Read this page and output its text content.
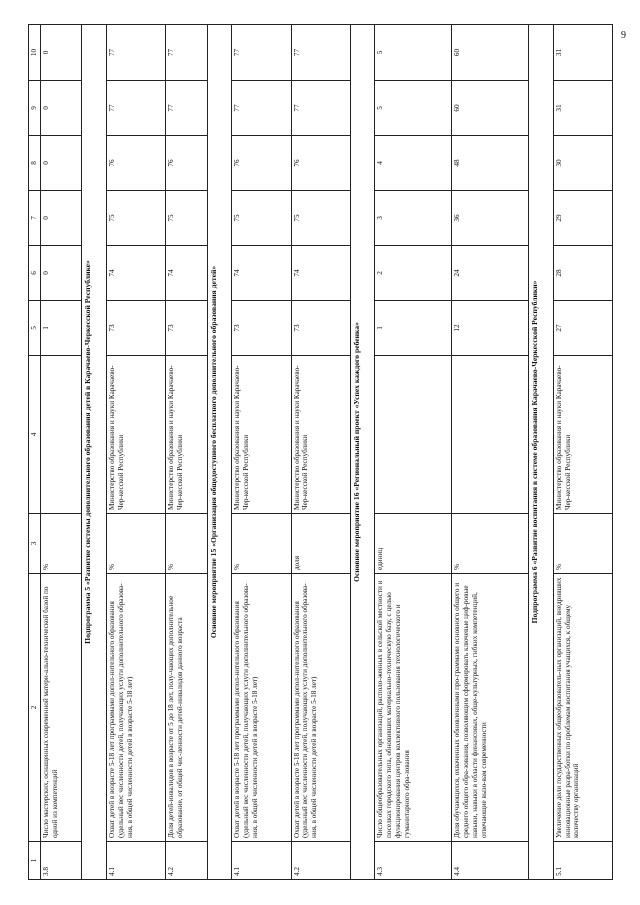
9
1	2	3	4	5	6	7	8	9	10
3.8	Число мастерских, оснащенных современной матери-ально-технической базой по одной из компетенций	%		1	0	0	0	0	0
Подпрограмма 5 «Развитие системы дополнительного образования детей в Карачаево-Черкесской Республике»									
4.1	Охват детей в возрасте 5-18 лет программами допол-нительного образования (удельный вес численности детей, получающих услуги дополнительного образова-ния, в общей численности детей в возрасте 5-18 лет)	%	Министерство образования и науки Карачаево- Чер-кесской Республики	73	74	75	76	77	77
4.2	Доля детей-инвалидов в возрасте от 5 до 18 лет, полу-чающих дополнительное образование, от общей чис-ленности детей-инвалидов данного возраста	%	Министерство образования и науки Карачаево- Чер-кесской Республики	73	74	75	76	77	77
Основное мероприятие 15 «Организация общедоступного бесплатного дополнительного образования детей»									
4.1	Охват детей в возрасте 5-18 лет программами допол-нительного образования (удельный вес численности детей, получающих услуги дополнительного образова-ния, в общей численности детей в возрасте 5-18 лет)	%	Министерство образования и науки Карачаево- Чер-кесской Республики	73	74	75	76	77	77
4.2	Охват детей в возрасте 5-18 лет программами допол-нительного образования (удельный вес численности детей, получающих услуги дополнительного образова-ния, в общей численности детей в возрасте 5-18 лет)	доля	Министерство образования и науки Карачаево- Чер-кесской Республики	73	74	75	76	77	77
Основное мероприятие 16 «Региональный проект «Успех каждого ребенка»									
4.3	Число общеобразовательных организаций, располо-женных в сельской местности и поселках городского типа, обновивших материально-техническую базу, с целью функционирования центров коллективного пользования технологического и гуманитарного обра-зования	единиц		1	2	3	4	5	5
4.4	Доля обучающихся, охваченных обновленными про-граммами основного общего и среднего общего обра-зования, позволяющим сформировать ключевые циф-ровые навыки, навыки в области финансовых, обще-культурных, гибких компетенций, отвечающие вызо-вам современности	%		12	24	36	48	60	60
Подпрограмма 6 «Развитие воспитания в системе образования Карачаево-Черкесской Республики»									
5.1	Увеличение доли государственных общеобразователь-ных организаций, внедривших инновационные разра-ботки по проблемам воспитания учащихся, к общему количеству организаций	%	Министерство образования и науки Карачаево- Чер-кесской Республики	27	28	29	30	31	31
